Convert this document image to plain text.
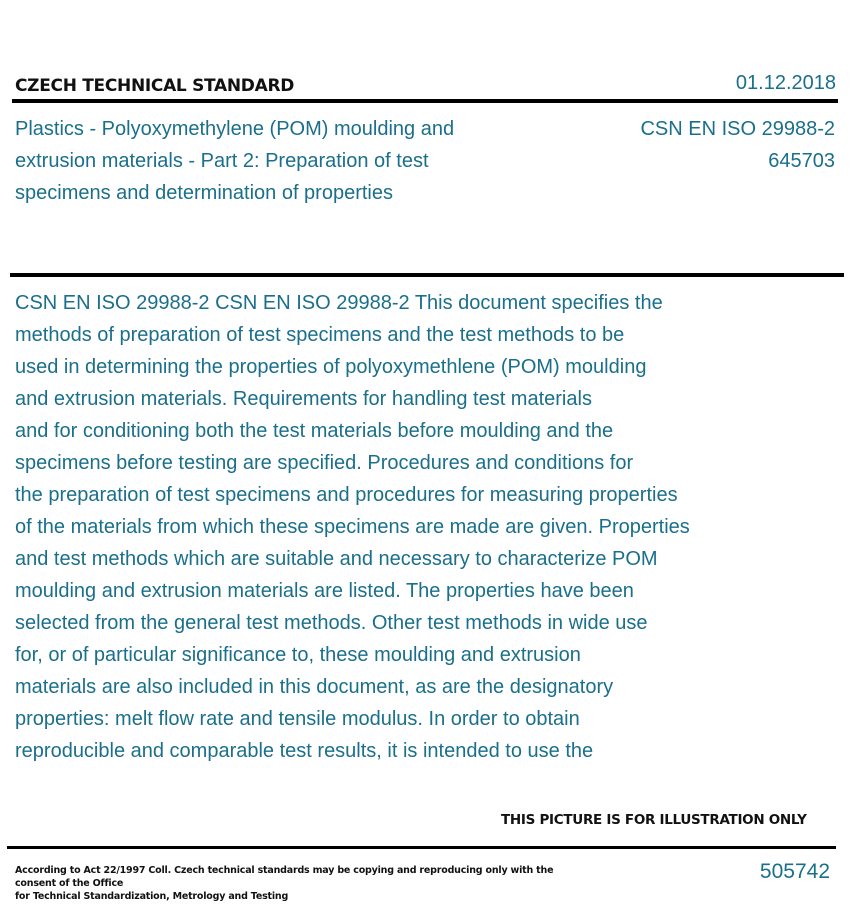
CZECH TECHNICAL STANDARD	01.12.2018
Plastics - Polyoxymethylene (POM) moulding and
extrusion materials - Part 2: Preparation of test
specimens and determination of properties
CSN EN ISO 29988-2
645703
CSN EN ISO 29988-2 CSN EN ISO 29988-2 This document specifies the
methods of preparation of test specimens and the test methods to be
used in determining the properties of polyoxymethlene (POM) moulding
and extrusion materials. Requirements for handling test materials
and for conditioning both the test materials before moulding and the
specimens before testing are specified. Procedures and conditions for
the preparation of test specimens and procedures for measuring properties
of the materials from which these specimens are made are given. Properties
and test methods which are suitable and necessary to characterize POM
moulding and extrusion materials are listed. The properties have been
selected from the general test methods. Other test methods in wide use
for, or of particular significance to, these moulding and extrusion
materials are also included in this document, as are the designatory
properties: melt flow rate and tensile modulus. In order to obtain
reproducible and comparable test results, it is intended to use the
THIS PICTURE IS FOR ILLUSTRATION ONLY
According to Act 22/1997 Coll. Czech technical standards may be copying and reproducing only with the consent of the Office
for Technical Standardization, Metrology and Testing
505742
